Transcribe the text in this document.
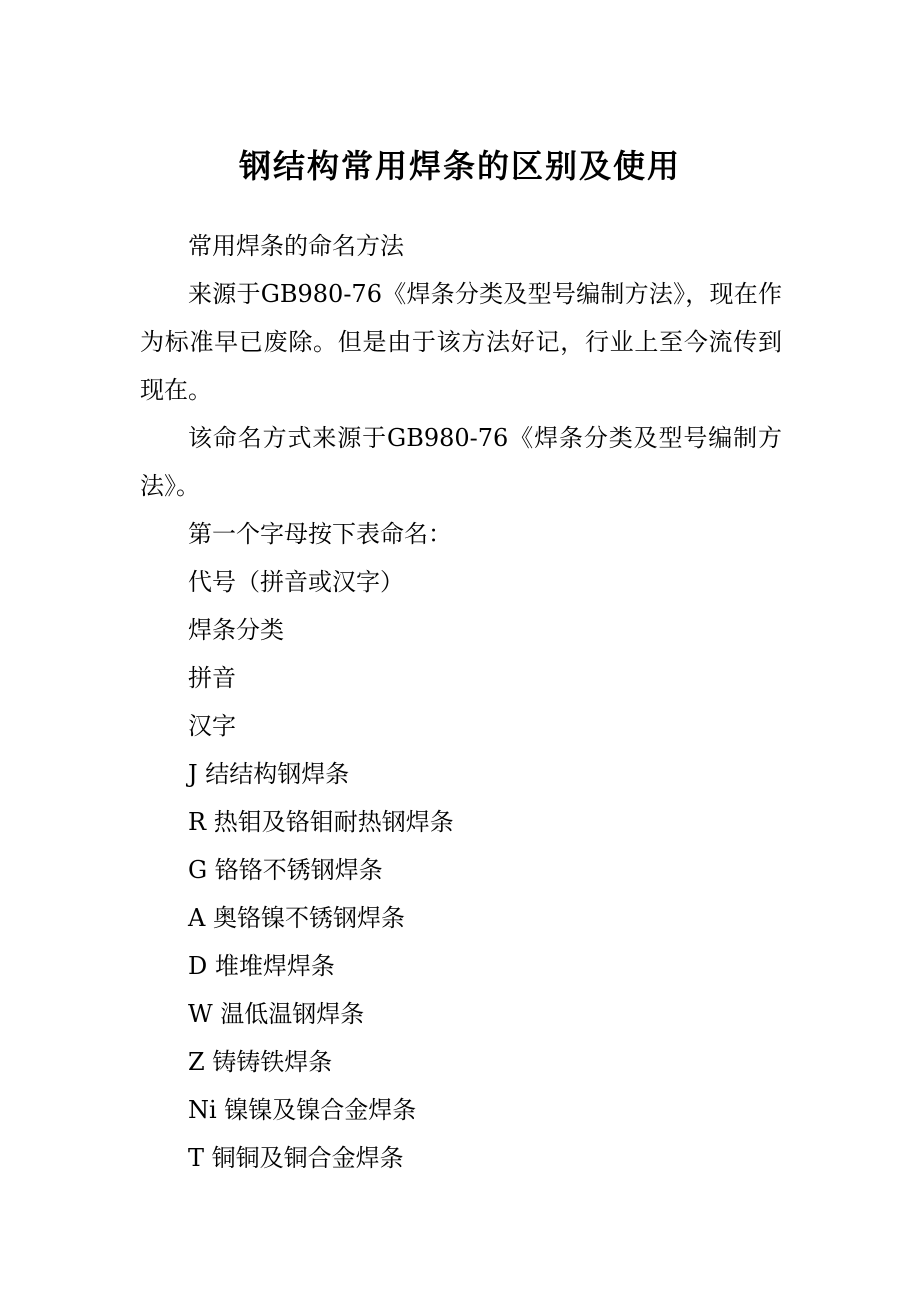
钢结构常用焊条的区别及使用

常用焊条的命名方法

来源于GB980-76《焊条分类及型号编制方法》，现在作为标准早已废除。但是由于该方法好记，行业上至今流传到现在。

该命名方式来源于GB980-76《焊条分类及型号编制方法》。

第一个字母按下表命名：

代号（拼音或汉字）

焊条分类

拼音

汉字

J 结结构钢焊条

R 热钼及铬钼耐热钢焊条

G 铬铬不锈钢焊条

A 奥铬镍不锈钢焊条

D 堆堆焊焊条

W 温低温钢焊条

Z 铸铸铁焊条

Ni 镍镍及镍合金焊条

T 铜铜及铜合金焊条
